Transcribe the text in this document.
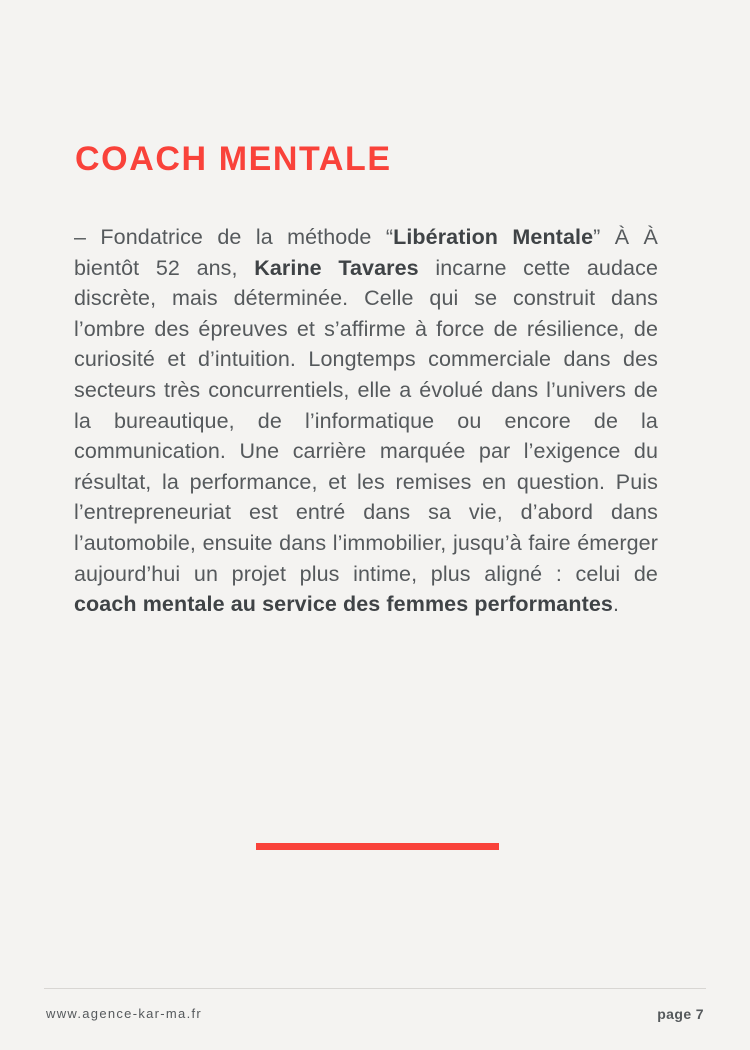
COACH MENTALE
– Fondatrice de la méthode “Libération Mentale” À À bientôt 52 ans, Karine Tavares incarne cette audace discrète, mais déterminée. Celle qui se construit dans l’ombre des épreuves et s’affirme à force de résilience, de curiosité et d’intuition. Longtemps commerciale dans des secteurs très concurrentiels, elle a évolué dans l’univers de la bureautique, de l’informatique ou encore de la communication. Une carrière marquée par l’exigence du résultat, la performance, et les remises en question. Puis l’entrepreneuriat est entré dans sa vie, d’abord dans l’automobile, ensuite dans l’immobilier, jusqu’à faire émerger aujourd’hui un projet plus intime, plus aligné : celui de coach mentale au service des femmes performantes.
www.agence-kar-ma.fr	page 7
